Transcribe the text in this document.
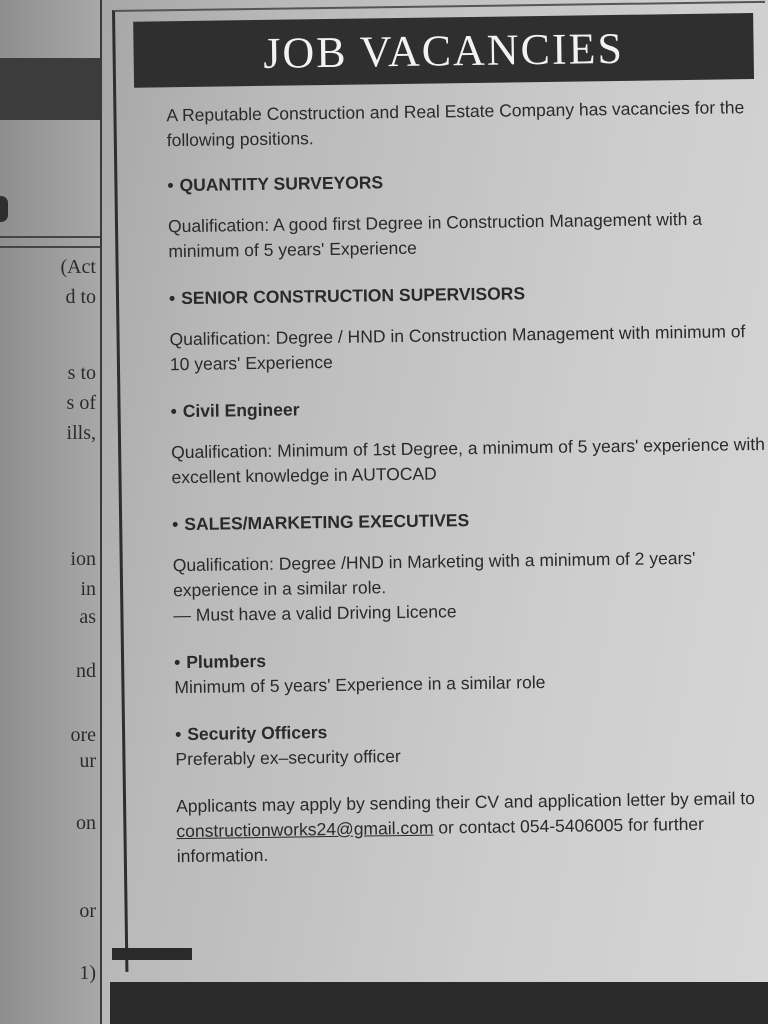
(Act
d to
s to
s of
ills,
ion
in
as
nd
ore
ur
on
or
1)
JOB VACANCIES

A Reputable Construction and Real Estate Company has vacancies for the following positions.

• QUANTITY SURVEYORS

Qualification: A good first Degree in Construction Management with a minimum of 5 years' Experience

• SENIOR CONSTRUCTION SUPERVISORS

Qualification: Degree / HND in Construction Management with minimum of 10 years' Experience

• Civil Engineer

Qualification: Minimum of 1st Degree, a minimum of 5 years' experience with excellent knowledge in AUTOCAD

• SALES/MARKETING EXECUTIVES

Qualification: Degree /HND in Marketing with a minimum of 2 years' experience in a similar role.

— Must have a valid Driving Licence

• Plumbers

Minimum of 5 years' Experience in a similar role

• Security Officers

Preferably ex–security officer

Applicants may apply by sending their CV and application letter by email to constructionworks24@gmail.com or contact 054-5406005 for further information.
